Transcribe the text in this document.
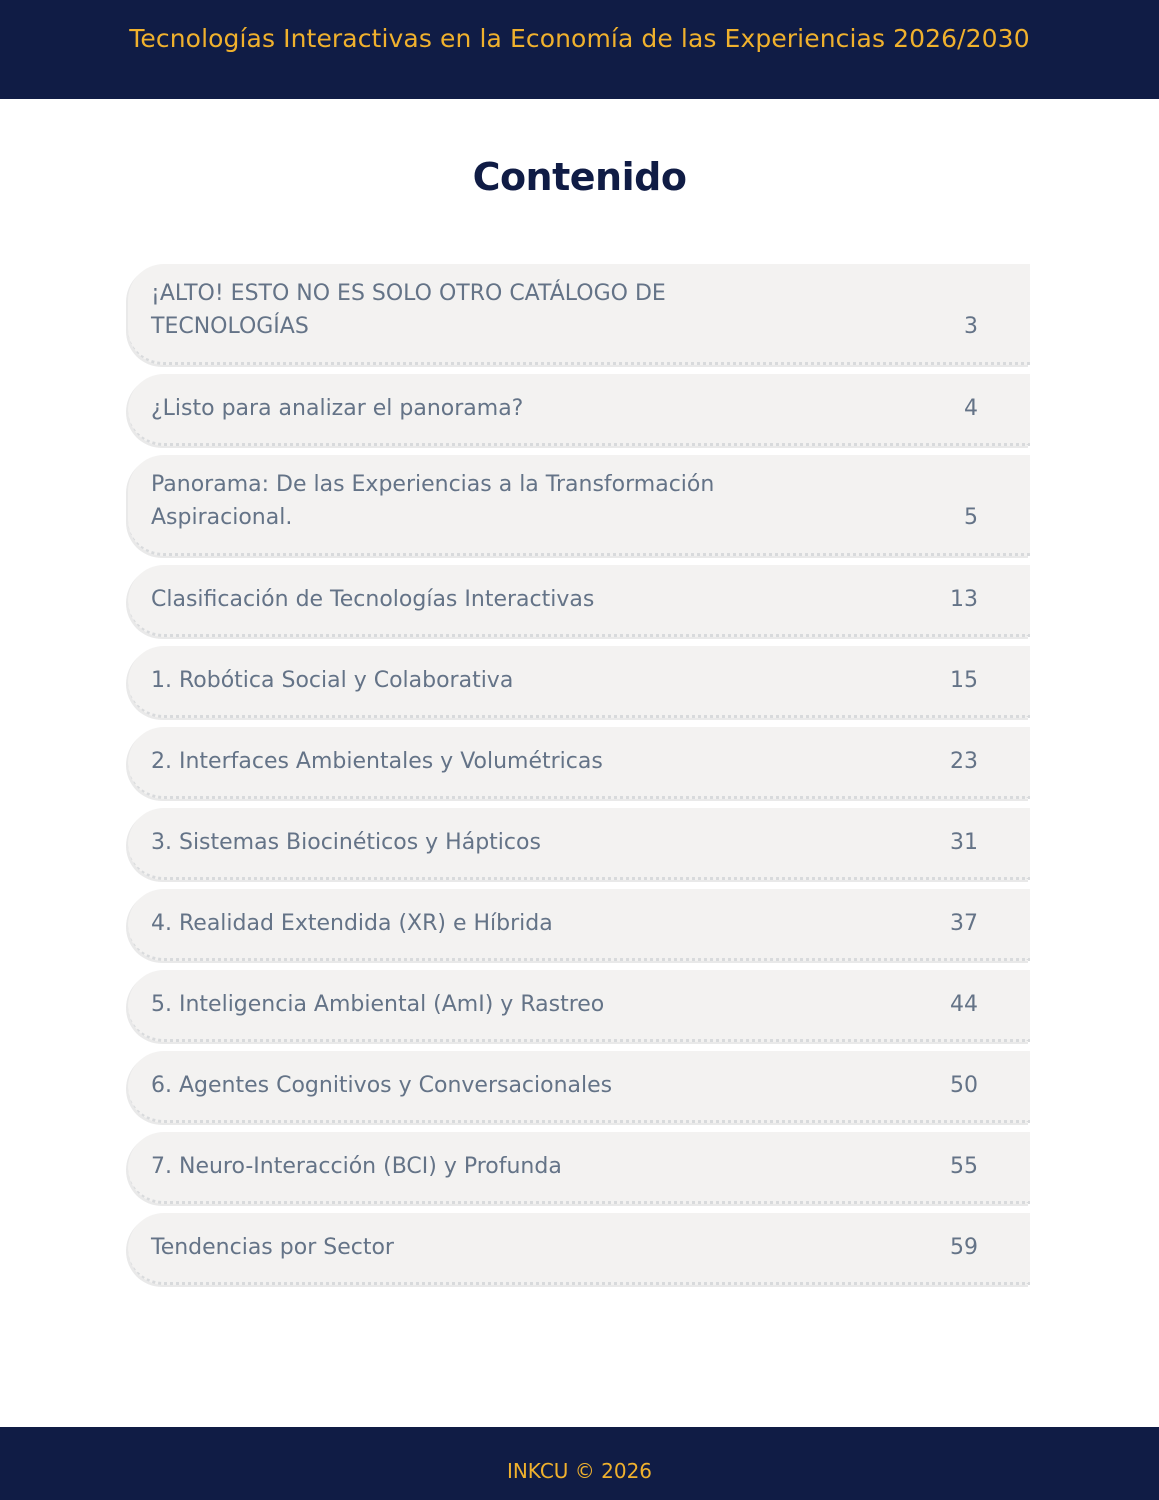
Tecnologías Interactivas en la Economía de las Experiencias 2026/2030
Contenido
¡ALTO! ESTO NO ES SOLO OTRO CATÁLOGO DE TECNOLOGÍAS	3
¿Listo para analizar el panorama?	4
Panorama: De las Experiencias a la Transformación Aspiracional.	5
Clasificación de Tecnologías Interactivas	13
1. Robótica Social y Colaborativa	15
2. Interfaces Ambientales y Volumétricas	23
3. Sistemas Biocinéticos y Hápticos	31
4. Realidad Extendida (XR) e Híbrida	37
5. Inteligencia Ambiental (AmI) y Rastreo	44
6. Agentes Cognitivos y Conversacionales	50
7. Neuro-Interacción (BCI) y Profunda	55
Tendencias por Sector	59
INKCU © 2026
